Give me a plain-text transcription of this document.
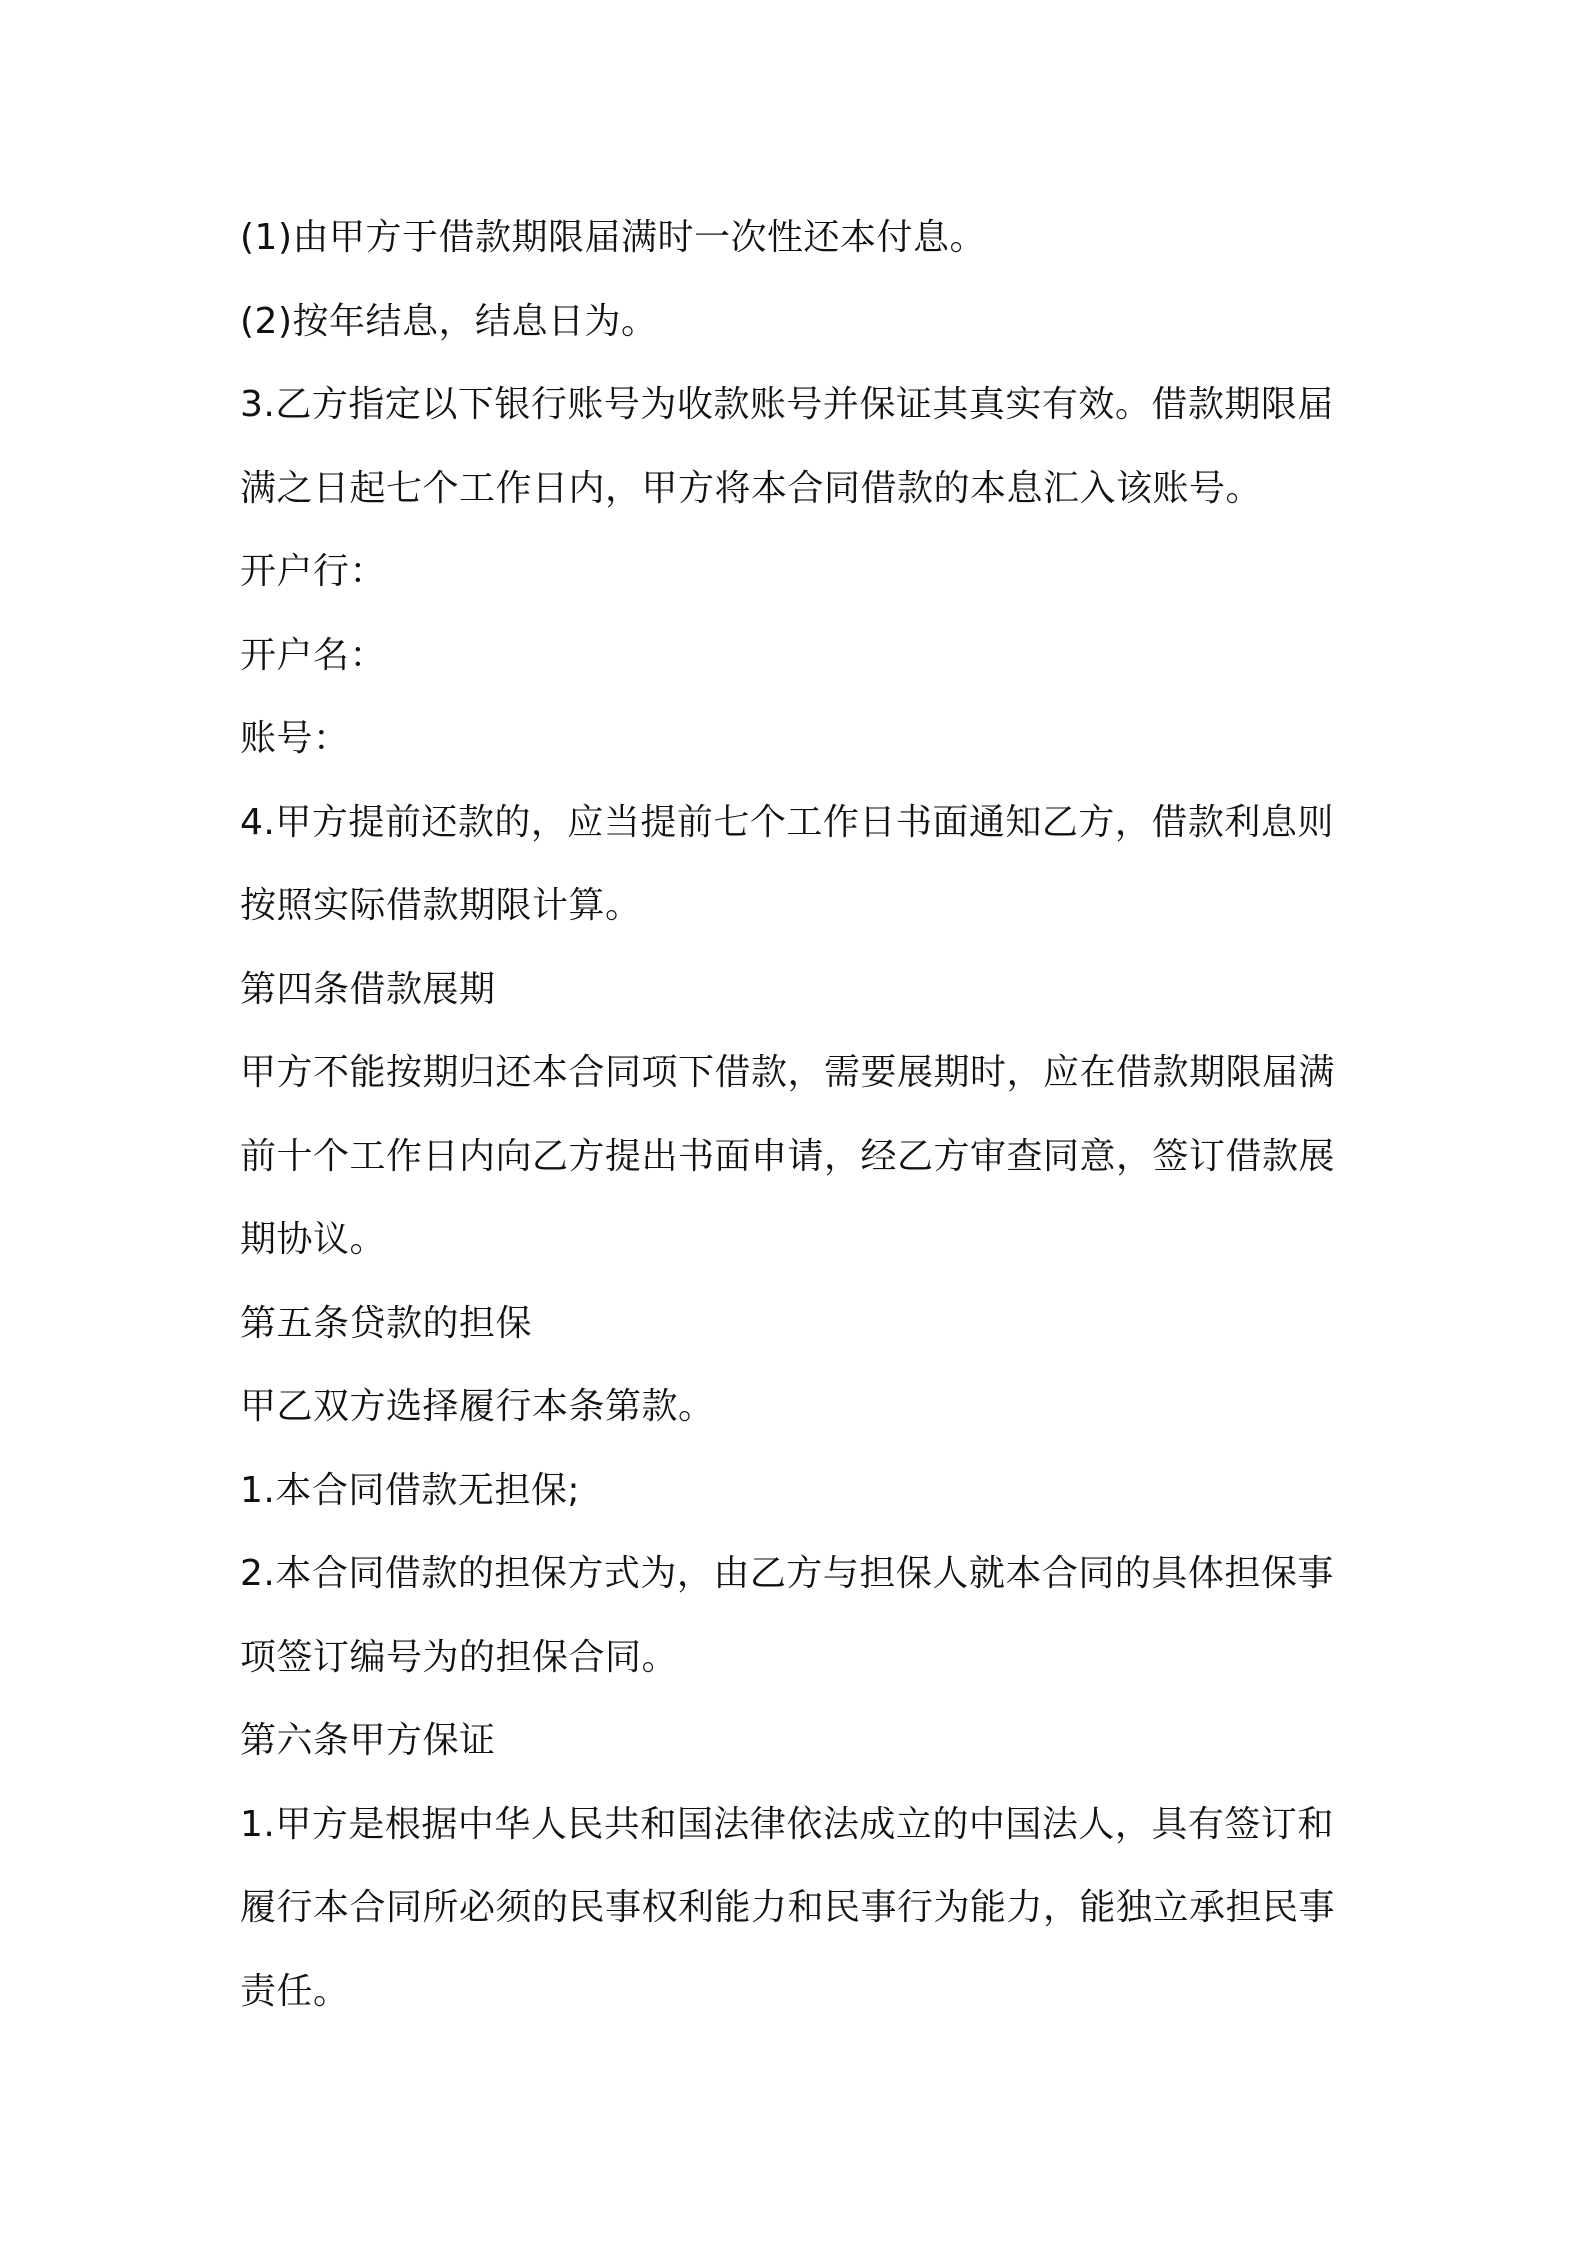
(1)由甲方于借款期限届满时一次性还本付息。
(2)按年结息，结息日为。
3.乙方指定以下银行账号为收款账号并保证其真实有效。借款期限届
满之日起七个工作日内，甲方将本合同借款的本息汇入该账号。
开户行：
开户名：
账号：
4.甲方提前还款的，应当提前七个工作日书面通知乙方，借款利息则
按照实际借款期限计算。
第四条借款展期
甲方不能按期归还本合同项下借款，需要展期时，应在借款期限届满
前十个工作日内向乙方提出书面申请，经乙方审查同意，签订借款展
期协议。
第五条贷款的担保
甲乙双方选择履行本条第款。
1.本合同借款无担保;
2.本合同借款的担保方式为，由乙方与担保人就本合同的具体担保事
项签订编号为的担保合同。
第六条甲方保证
1.甲方是根据中华人民共和国法律依法成立的中国法人，具有签订和
履行本合同所必须的民事权利能力和民事行为能力，能独立承担民事
责任。
